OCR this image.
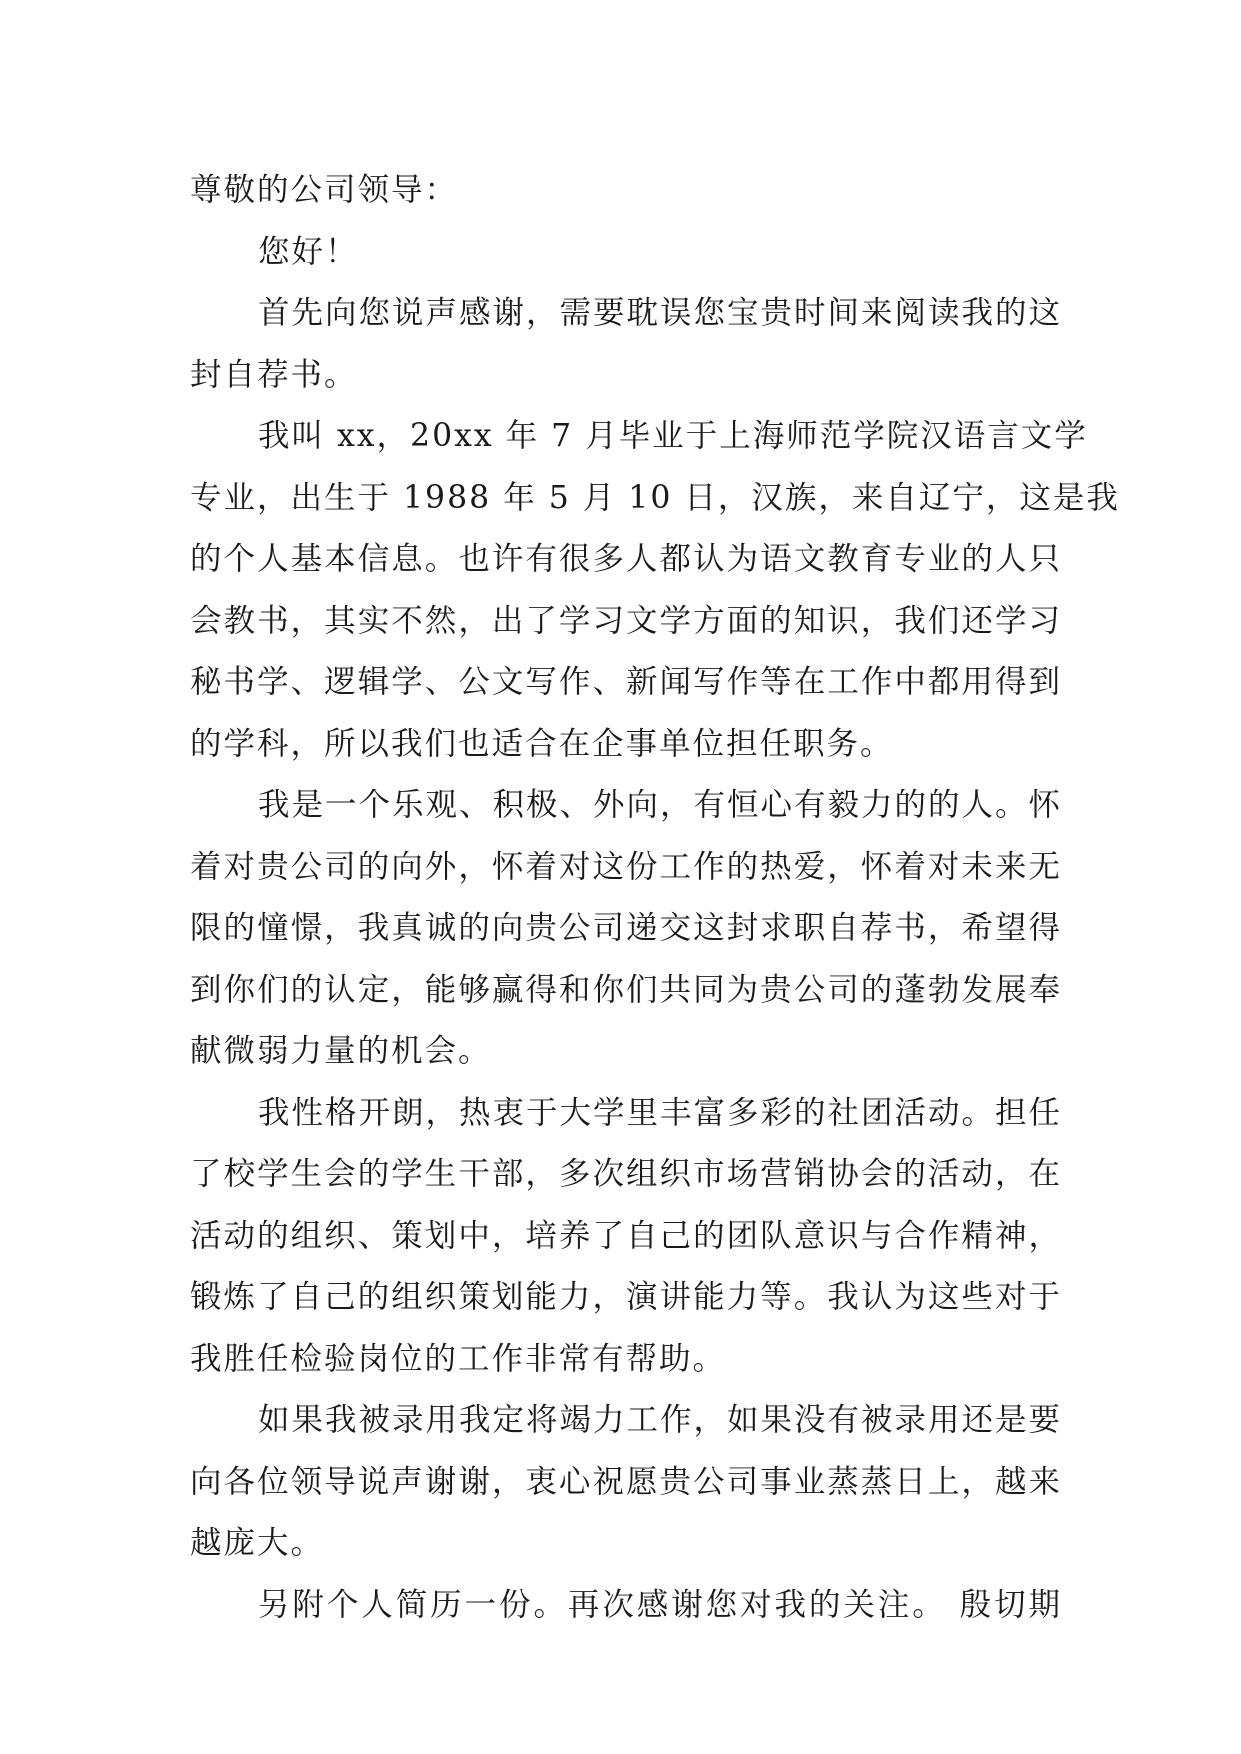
尊敬的公司领导：
您好！
首先向您说声感谢，需要耽误您宝贵时间来阅读我的这
封自荐书。
我叫 xx，20xx 年 7 月毕业于上海师范学院汉语言文学
专业，出生于 1988 年 5 月 10 日，汉族，来自辽宁，这是我
的个人基本信息。也许有很多人都认为语文教育专业的人只
会教书，其实不然，出了学习文学方面的知识，我们还学习
秘书学、逻辑学、公文写作、新闻写作等在工作中都用得到
的学科，所以我们也适合在企事单位担任职务。
我是一个乐观、积极、外向，有恒心有毅力的的人。怀
着对贵公司的向外，怀着对这份工作的热爱，怀着对未来无
限的憧憬，我真诚的向贵公司递交这封求职自荐书，希望得
到你们的认定，能够赢得和你们共同为贵公司的蓬勃发展奉
献微弱力量的机会。
我性格开朗，热衷于大学里丰富多彩的社团活动。担任
了校学生会的学生干部，多次组织市场营销协会的活动，在
活动的组织、策划中，培养了自己的团队意识与合作精神，
锻炼了自己的组织策划能力，演讲能力等。我认为这些对于
我胜任检验岗位的工作非常有帮助。
如果我被录用我定将竭力工作，如果没有被录用还是要
向各位领导说声谢谢，衷心祝愿贵公司事业蒸蒸日上，越来
越庞大。
另附个人简历一份。再次感谢您对我的关注。 殷切期
